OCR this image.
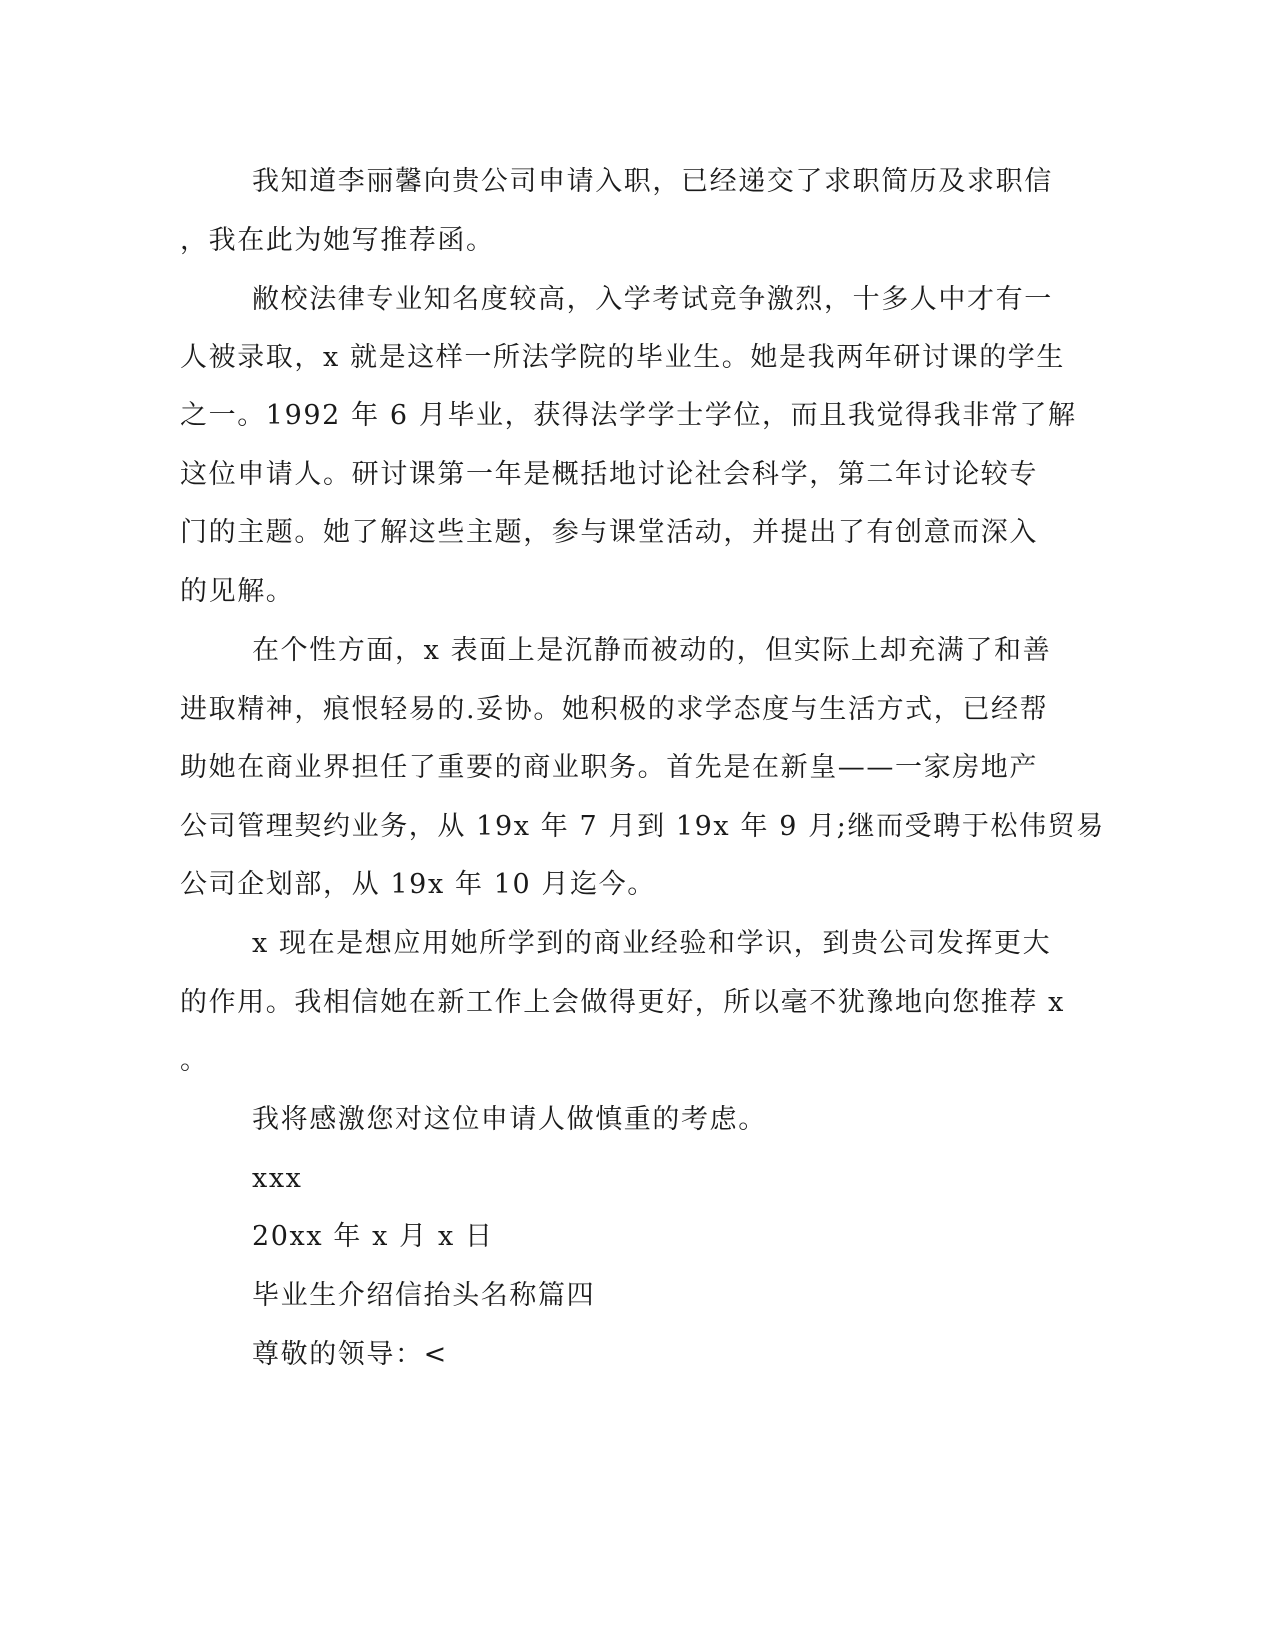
我知道李丽馨向贵公司申请入职，已经递交了求职简历及求职信
，我在此为她写推荐函。
敝校法律专业知名度较高，入学考试竞争激烈，十多人中才有一
人被录取，x 就是这样一所法学院的毕业生。她是我两年研讨课的学生
之一。1992 年 6 月毕业，获得法学学士学位，而且我觉得我非常了解
这位申请人。研讨课第一年是概括地讨论社会科学，第二年讨论较专
门的主题。她了解这些主题，参与课堂活动，并提出了有创意而深入
的见解。
在个性方面，x 表面上是沉静而被动的，但实际上却充满了和善
进取精神，痕恨轻易的.妥协。她积极的求学态度与生活方式，已经帮
助她在商业界担任了重要的商业职务。首先是在新皇——一家房地产
公司管理契约业务，从 19x 年 7 月到 19x 年 9 月;继而受聘于松伟贸易
公司企划部，从 19x 年 10 月迄今。
x 现在是想应用她所学到的商业经验和学识，到贵公司发挥更大
的作用。我相信她在新工作上会做得更好，所以毫不犹豫地向您推荐 x
。
我将感激您对这位申请人做慎重的考虑。
xxx
20xx 年 x 月 x 日
毕业生介绍信抬头名称篇四
尊敬的领导：<
